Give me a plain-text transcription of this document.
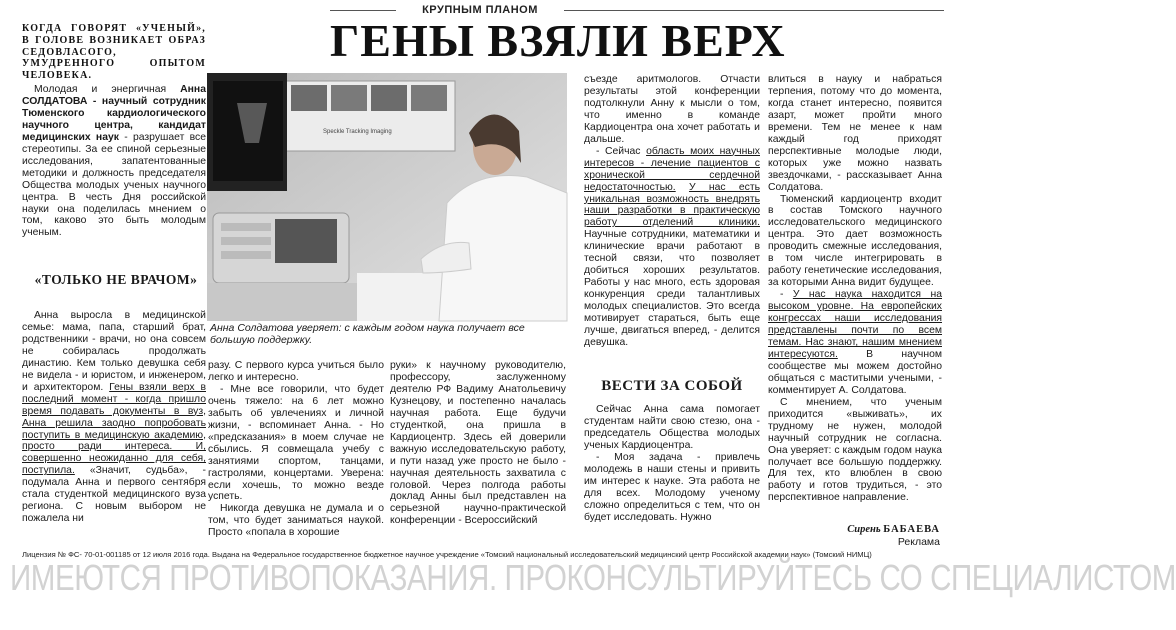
КРУПНЫМ ПЛАНОМ
ГЕНЫ ВЗЯЛИ ВЕРХ
КОГДА ГОВОРЯТ «УЧЕНЫЙ», В ГОЛОВЕ ВОЗНИКАЕТ ОБРАЗ СЕДОВЛАСОГО, УМУДРЕННОГО ОПЫТОМ ЧЕЛОВЕКА.

Молодая и энергичная Анна СОЛДАТОВА - научный сотрудник Тюменского кардиологического научного центра, кандидат медицинских наук - разрушает все стереотипы. За ее спиной серьезные исследования, запатентованные методики и должность председателя Общества молодых ученых научного центра. В честь Дня российской науки она поделилась мнением о том, каково это быть молодым ученым.

«ТОЛЬКО НЕ ВРАЧОМ»

Анна выросла в медицинской семье: мама, папа, старший брат, родственники - врачи, но она совсем не собиралась продолжать династию. Кем только девушка себя не видела - и юристом, и инженером, и архитектором. Гены взяли верх в последний момент - когда пришло время подавать документы в вуз, Анна решила заодно попробовать поступить в медицинскую академию, просто ради интереса. И, совершенно неожиданно для себя, поступила. «Значит, судьба», - подумала Анна и первого сентября стала студенткой медицинского вуза региона. С новым выбором не пожалела ни

Speckle Tracking Imaging
Анна Солдатова уверяет: с каждым годом наука получает все большую поддержку.

разу. С первого курса учиться было легко и интересно.

- Мне все говорили, что будет очень тяжело: на 6 лет можно забыть об увлечениях и личной жизни, - вспоминает Анна. - Но «предсказания» в моем случае не сбылись. Я совмещала учебу с занятиями спортом, танцами, гастролями, концертами. Уверена: если хочешь, то можно везде успеть.

Никогда девушка не думала и о том, что будет заниматься наукой. Просто «попала в хорошие

руки» к научному руководителю, профессору, заслуженному деятелю РФ Вадиму Анатольевичу Кузнецову, и постепенно началась научная работа. Еще будучи студенткой, она пришла в Кардиоцентр. Здесь ей доверили важную исследовательскую работу, и пути назад уже просто не было - научная деятельность захватила с головой. Через полгода работы доклад Анны был представлен на серьезной научно-практической конференции - Всероссийский

съезде аритмологов. Отчасти результаты этой конференции подтолкнули Анну к мысли о том, что именно в команде Кардиоцентра она хочет работать и дальше.

- Сейчас область моих научных интересов - лечение пациентов с хронической сердечной недостаточностью. У нас есть уникальная возможность внедрять наши разработки в практическую работу отделений клиники. Научные сотрудники, математики и клинические врачи работают в тесной связи, что позволяет добиться хороших результатов. Работы у нас много, есть здоровая конкуренция среди талантливых молодых специалистов. Это всегда мотивирует стараться, быть еще лучше, двигаться вперед, - делится девушка.

ВЕСТИ ЗА СОБОЙ

Сейчас Анна сама помогает студентам найти свою стезю, она - председатель Общества молодых ученых Кардиоцентра.

- Моя задача - привлечь молодежь в наши стены и привить им интерес к науке. Эта работа не для всех. Молодому ученому сложно определиться с тем, что он будет исследовать. Нужно

влиться в науку и набраться терпения, потому что до момента, когда станет интересно, появится азарт, может пройти много времени. Тем не менее к нам каждый год приходят перспективные молодые люди, которых уже можно назвать звездочками, - рассказывает Анна Солдатова.

Тюменский кардиоцентр входит в состав Томского научного исследовательского медицинского центра. Это дает возможность проводить смежные исследования, в том числе интегрировать в работу генетические исследования, за которыми Анна видит будущее.

- У нас наука находится на высоком уровне. На европейских конгрессах наши исследования представлены почти по всем темам. Нас знают, нашим мнением интересуются. В научном сообществе мы можем достойно общаться с маститыми учеными, - комментирует А. Солдатова.

С мнением, что ученым приходится «выживать», их трудному не нужен, молодой научный сотрудник не согласна. Она уверяет: с каждым годом наука получает все большую поддержку. Для тех, кто влюблен в свою работу и готов трудиться, - это перспективное направление.

Сирень БАБАЕВА
Реклама
Лицензия № ФС- 70-01-001185 от 12 июля 2016 года. Выдана на Федеральное государственное бюджетное научное учреждение «Томский национальный исследовательский медицинский центр Российской академии наук» (Томский НИМЦ)
ИМЕЮТСЯ ПРОТИВОПОКАЗАНИЯ. ПРОКОНСУЛЬТИРУЙТЕСЬ СО СПЕЦИАЛИСТОМ
